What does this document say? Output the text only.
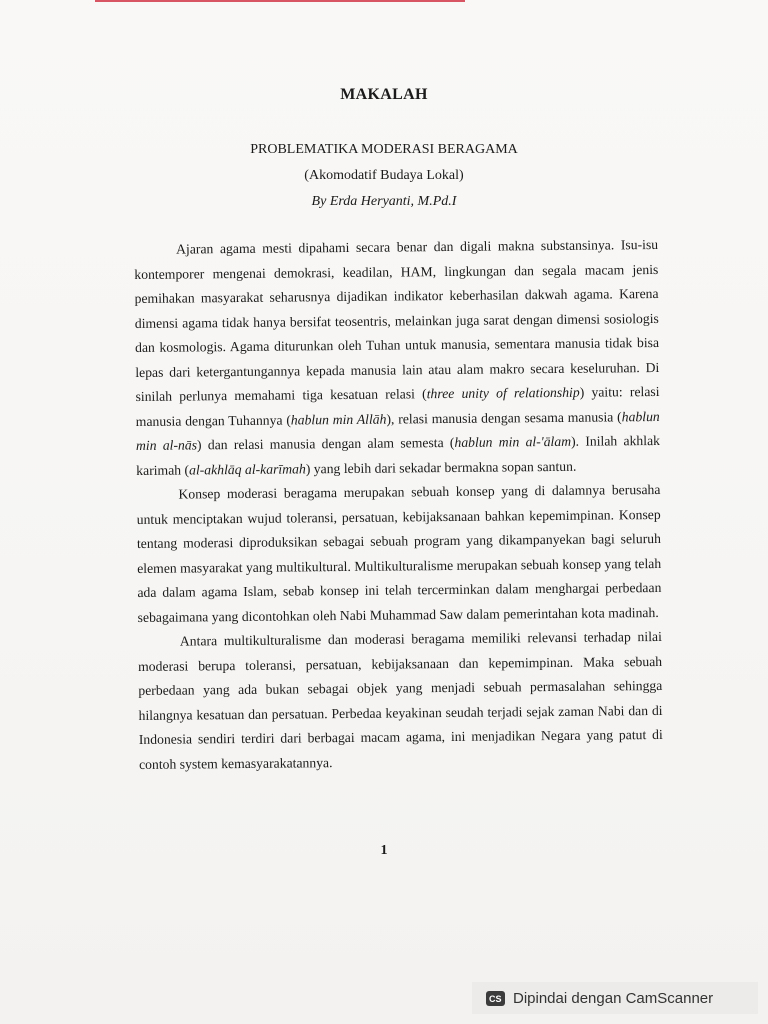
MAKALAH
PROBLEMATIKA MODERASI BERAGAMA
(Akomodatif Budaya Lokal)
By Erda Heryanti, M.Pd.I

Ajaran agama mesti dipahami secara benar dan digali makna substansinya. Isu-isu kontemporer mengenai demokrasi, keadilan, HAM, lingkungan dan segala macam jenis pemihakan masyarakat seharusnya dijadikan indikator keberhasilan dakwah agama. Karena dimensi agama tidak hanya bersifat teosentris, melainkan juga sarat dengan dimensi sosiologis dan kosmologis. Agama diturunkan oleh Tuhan untuk manusia, sementara manusia tidak bisa lepas dari ketergantungannya kepada manusia lain atau alam makro secara keseluruhan. Di sinilah perlunya memahami tiga kesatuan relasi (three unity of relationship) yaitu: relasi manusia dengan Tuhannya (hablun min Allāh), relasi manusia dengan sesama manusia (hablun min al-nās) dan relasi manusia dengan alam semesta (hablun min al-'ālam). Inilah akhlak karimah (al-akhlāq al-karīmah) yang lebih dari sekadar bermakna sopan santun.

Konsep moderasi beragama merupakan sebuah konsep yang di dalamnya berusaha untuk menciptakan wujud toleransi, persatuan, kebijaksanaan bahkan kepemimpinan. Konsep tentang moderasi diproduksikan sebagai sebuah program yang dikampanyekan bagi seluruh elemen masyarakat yang multikultural. Multikulturalisme merupakan sebuah konsep yang telah ada dalam agama Islam, sebab konsep ini telah tercerminkan dalam menghargai perbedaan sebagaimana yang dicontohkan oleh Nabi Muhammad Saw dalam pemerintahan kota madinah.

Antara multikulturalisme dan moderasi beragama memiliki relevansi terhadap nilai moderasi berupa toleransi, persatuan, kebijaksanaan dan kepemimpinan. Maka sebuah perbedaan yang ada bukan sebagai objek yang menjadi sebuah permasalahan sehingga hilangnya kesatuan dan persatuan. Perbedaa keyakinan seudah terjadi sejak zaman Nabi dan di Indonesia sendiri terdiri dari berbagai macam agama, ini menjadikan Negara yang patut di contoh system kemasyarakatannya.

1
CS Dipindai dengan CamScanner
